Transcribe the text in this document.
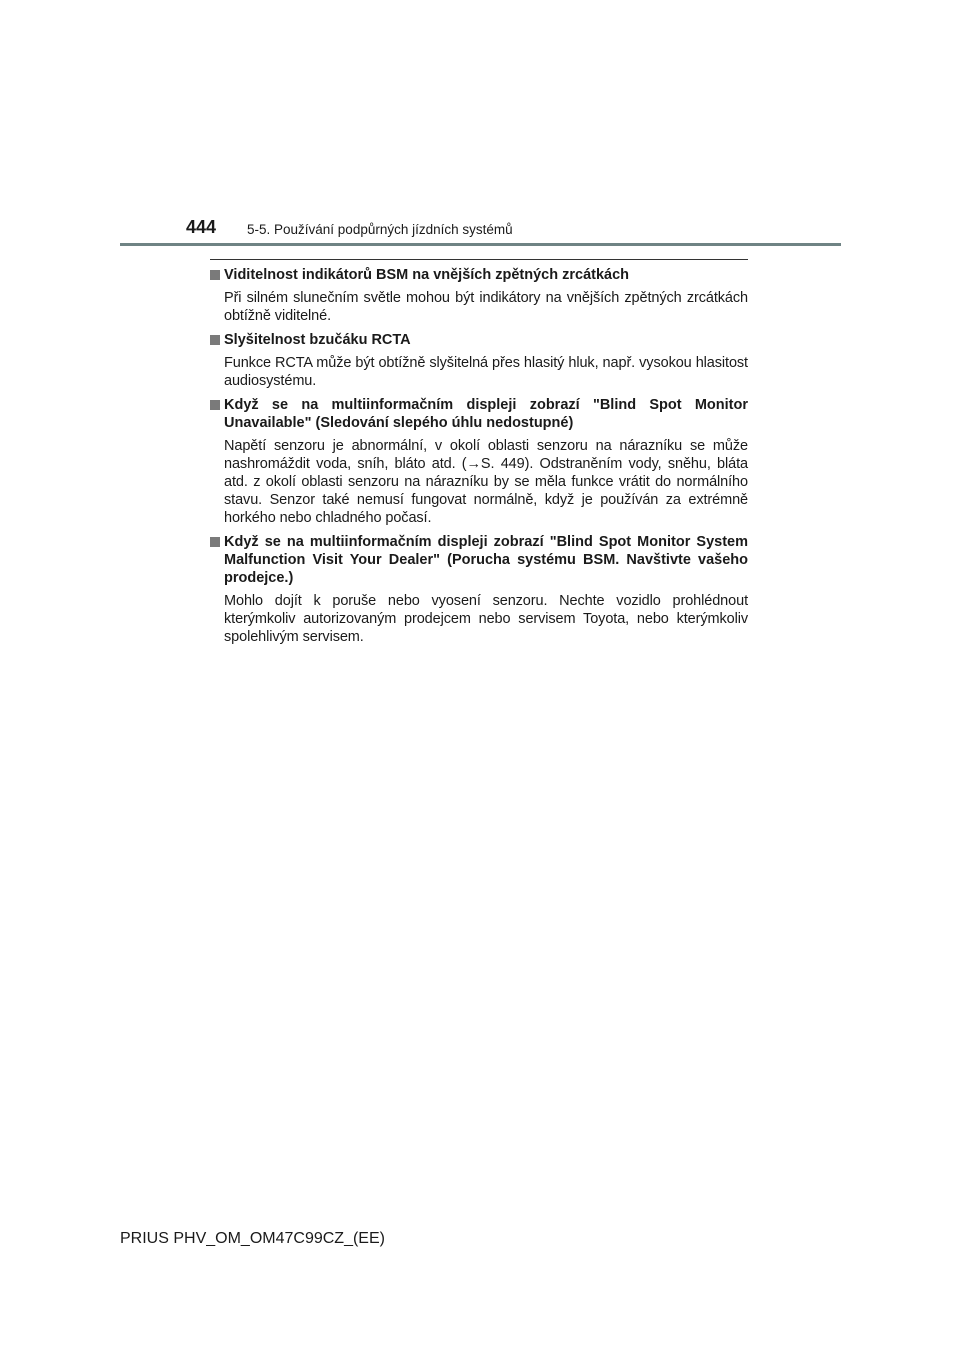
444 5-5. Používání podpůrných jízdních systémů
Viditelnost indikátorů BSM na vnějších zpětných zrcátkách
Při silném slunečním světle mohou být indikátory na vnějších zpětných zrcátkách obtížně viditelné.
Slyšitelnost bzučáku RCTA
Funkce RCTA může být obtížně slyšitelná přes hlasitý hluk, např. vysokou hlasitost audiosystému.
Když se na multiinformačním displeji zobrazí "Blind Spot Monitor Unavailable" (Sledování slepého úhlu nedostupné)
Napětí senzoru je abnormální, v okolí oblasti senzoru na nárazníku se může nashromáždit voda, sníh, bláto atd. (→S. 449). Odstraněním vody, sněhu, bláta atd. z okolí oblasti senzoru na nárazníku by se měla funkce vrátit do normálního stavu. Senzor také nemusí fungovat normálně, když je používán za extrémně horkého nebo chladného počasí.
Když se na multiinformačním displeji zobrazí "Blind Spot Monitor System Malfunction Visit Your Dealer" (Porucha systému BSM. Navštivte vašeho prodejce.)
Mohlo dojít k poruše nebo vyosení senzoru. Nechte vozidlo prohlédnout kterýmkoliv autorizovaným prodejcem nebo servisem Toyota, nebo kterýmkoliv spolehlivým servisem.
PRIUS PHV_OM_OM47C99CZ_(EE)
